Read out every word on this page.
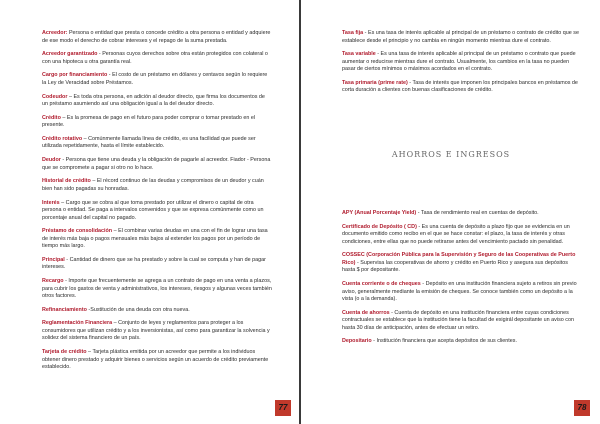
Acreedor: Persona o entidad que presta o concede crédito a otra persona o entidad y adquiere de ese modo el derecho de cobrar intereses y el repago de la suma prestada.

Acreedor garantizado - Personas cuyos derechos sobre otra están protegidos con colateral o con una hipoteca u otra garantía real.

Cargo por financiamiento - El costo de un préstamo en dólares y centavos según lo requiere la Ley de Veracidad sobre Préstamos.

Codeudor – Es toda otra persona, en adición al deudor directo, que firma los documentos de un préstamo asumiendo así una obligación igual a la del deudor directo.

Crédito – Es la promesa de pago en el futuro para poder comprar o tomar prestado en el presente.

Crédito rotativo – Comúnmente llamada línea de crédito, es una facilidad que puede ser utilizada repetidamente, hasta el límite establecido.

Deudor - Persona que tiene una deuda y la obligación de pagarle al acreedor. Fiador - Persona que se compromete a pagar si otro no lo hace.

Historial de crédito – El récord continuo de las deudas y compromisos de un deudor y cuán bien han sido pagadas su honradas.

Interés – Cargo que se cobra al que toma prestado por utilizar el dinero o capital de otra persona o entidad. Se paga a intervalos convenidos y que se expresa comúnmente como un porcentaje anual del capital no pagado.

Préstamo de consolidación – El combinar varias deudas en una con el fin de lograr una tasa de interés más baja o pagos mensuales más bajos al extender los pagos por un período de tiempo más largo.

Principal - Cantidad de dinero que se ha prestado y sobre la cual se computa y han de pagar intereses.

Recargo - Importe que frecuentemente se agrega a un contrato de pago en una venta a plazos, para cubrir los gastos de venta y administrativos, los intereses, riesgos y algunas veces también otros factores.

Refinanciamiento -Sustitución de una deuda con otra nueva.

Reglamentación Financiera – Conjunto de leyes y reglamentos para proteger a los consumidores que utilizan crédito y a los inversionistas, así como para garantizar la solvencia y solidez del sistema financiero de un país.

Tarjeta de crédito – Tarjeta plástica emitida por un acreedor que permite a los individuos obtener dinero prestado y adquirir bienes o servicios según un acuerdo de crédito previamente establecido.

77

Tasa fija - Es una tasa de interés aplicable al principal de un préstamo o contrato de crédito que se establece desde el principio y no cambia en ningún momento mientras dure el contrato.

Tasa variable - Es una tasa de interés aplicable al principal de un préstamo o contrato que puede aumentar o reducirse mientras dure el contrato. Usualmente, los cambios en la tasa no pueden pasar de ciertos mínimos o máximos acordados en el contrato.

Tasa primaria (prime rate) - Tasa de interés que imponen los principales bancos en préstamos de corta duración a clientes con buenas clasificaciones de crédito.

AHORROS E INGRESOS

APY (Anual Porcentaje Yield) - Tasa de rendimiento real en cuentas de depósito.

Certificado de Depósito ( CD) - Es una cuenta de depósito a plazo fijo que se evidencia en un documento emitido como recibo en el que se hace constar: el plazo, la tasa de interés y otras condiciones, entre ellas que no puede retirarse antes del vencimiento pactado sin penalidad.

COSSEC (Corporación Pública para la Supervisión y Seguro de las Cooperativas de Puerto Rico) - Supervisa las cooperativas de ahorro y crédito en Puerto Rico y asegura sus depósitos hasta $ por depositante.

Cuenta corriente o de cheques - Depósito en una institución financiera sujeto a retiros sin previo aviso, generalmente mediante la emisión de cheques. Se conoce también como un depósito a la vista (o a la demanda).

Cuenta de ahorros - Cuenta de depósito en una institución financiera entre cuyas condiciones contractuales se establece que la institución tiene la facultad de exigirál depositante un aviso con hasta 30 días de anticipación, antes de efectuar un retiro.

Depositario - Institución financiera que acepta depósitos de sus clientes.

78
